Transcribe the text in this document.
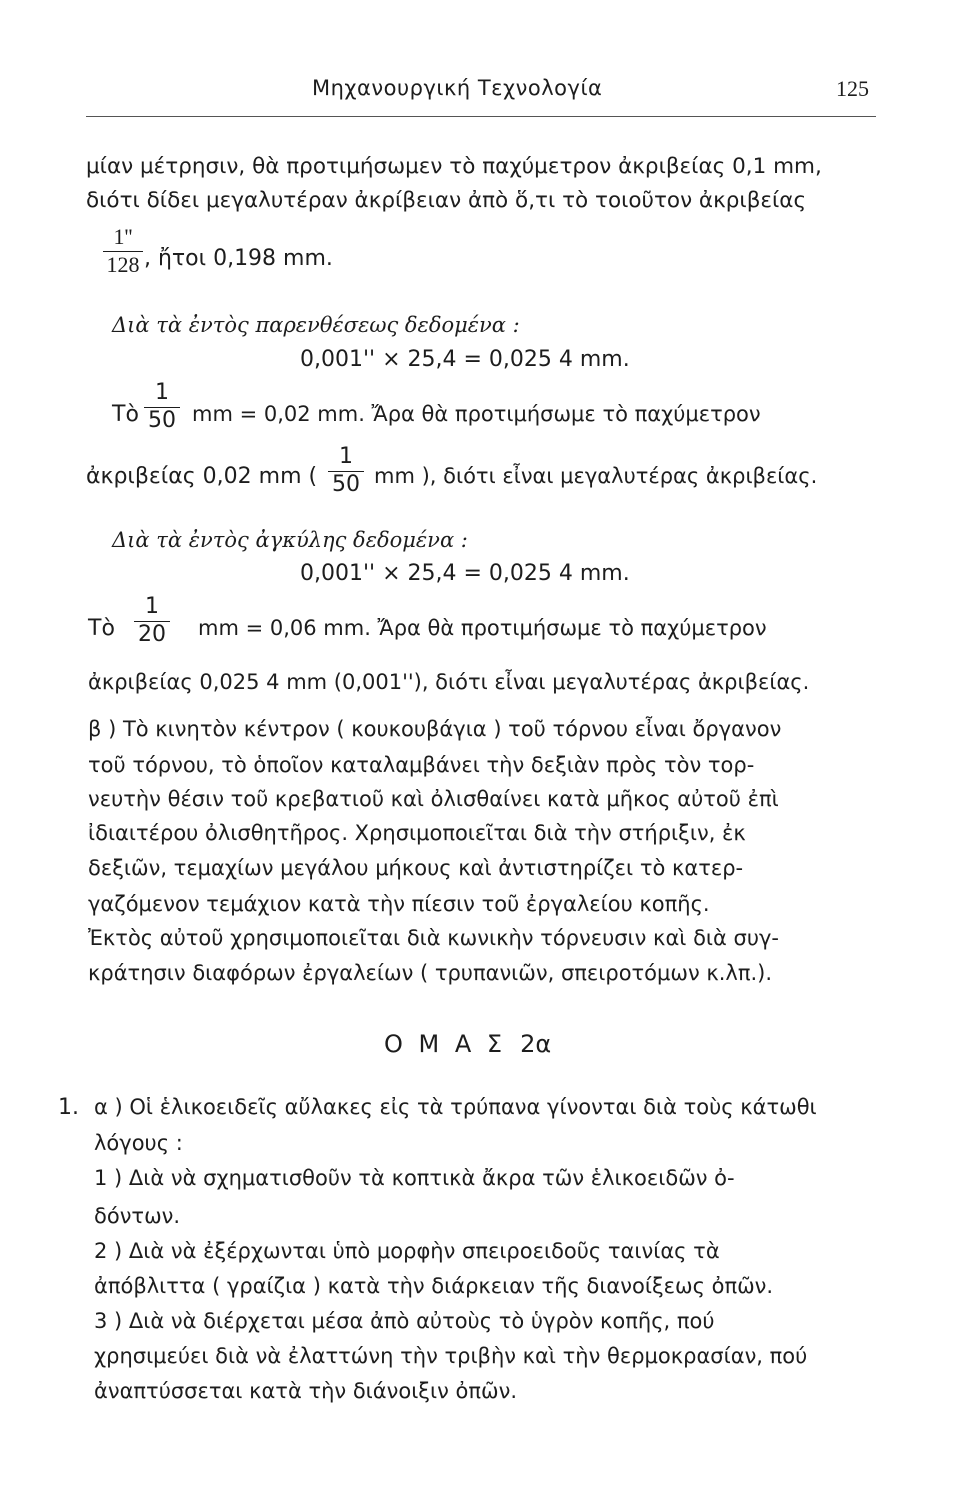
Μηχανουργική Τεχνολογία	125
μίαν μέτρησιν, θὰ προτιμήσωμεν τὸ παχύμετρον ἀκριβείας 0,1 mm,
διότι δίδει μεγαλυτέραν ἀκρίβειαν ἀπὸ ὅ,τι τὸ τοιοῦτον ἀκριβείας
1''
128 , ἤτοι 0,198 mm.
Διὰ τὰ ἐντὸς παρενθέσεως δεδομένα :
0,001'' × 25,4 = 0,025 4 mm.
Τὸ
1
50 mm = 0,02 mm. Ἄρα θὰ προτιμήσωμε τὸ παχύμετρον
ἀκριβείας 0,02 mm (
1
50 mm ), διότι εἶναι μεγαλυτέρας ἀκριβείας.
Διὰ τὰ ἐντὸς ἀγκύλης δεδομένα :
0,001'' × 25,4 = 0,025 4 mm.
Τὸ
1
20 mm = 0,06 mm. Ἄρα θὰ προτιμήσωμε τὸ παχύμετρον
ἀκριβείας 0,025 4 mm (0,001''), διότι εἶναι μεγαλυτέρας ἀκριβείας.
β ) Τὸ κινητὸν κέντρον ( κουκουβάγια ) τοῦ τόρνου εἶναι ὄργανον
τοῦ τόρνου, τὸ ὁποῖον καταλαμβάνει τὴν δεξιὰν πρὸς τὸν τορ-
νευτὴν θέσιν τοῦ κρεβατιοῦ καὶ ὀλισθαίνει κατὰ μῆκος αὐτοῦ ἐπὶ
ἰδιαιτέρου ὀλισθητῆρος. Χρησιμοποιεῖται διὰ τὴν στήριξιν, ἐκ
δεξιῶν, τεμαχίων μεγάλου μήκους καὶ ἀντιστηρίζει τὸ κατερ-
γαζόμενον τεμάχιον κατὰ τὴν πίεσιν τοῦ ἐργαλείου κοπῆς.
Ἐκτὸς αὐτοῦ χρησιμοποιεῖται διὰ κωνικὴν τόρνευσιν καὶ διὰ συγ-
κράτησιν διαφόρων ἐργαλείων ( τρυπανιῶν, σπειροτόμων κ.λπ.).
Ο Μ Α Σ 2α
1. α ) Οἱ ἑλικοειδεῖς αὔλακες εἰς τὰ τρύπανα γίνονται διὰ τοὺς κάτωθι
λόγους :
1 ) Διὰ νὰ σχηματισθοῦν τὰ κοπτικὰ ἄκρα τῶν ἑλικοειδῶν ὀ-
δόντων.
2 ) Διὰ νὰ ἐξέρχωνται ὑπὸ μορφὴν σπειροειδοῦς ταινίας τὰ
ἀπόβλιττα ( γραίζια ) κατὰ τὴν διάρκειαν τῆς διανοίξεως ὀπῶν.
3 ) Διὰ νὰ διέρχεται μέσα ἀπὸ αὐτοὺς τὸ ὑγρὸν κοπῆς, πού
χρησιμεύει διὰ νὰ ἐλαττώνη τὴν τριβὴν καὶ τὴν θερμοκρασίαν, πού
ἀναπτύσσεται κατὰ τὴν διάνοιξιν ὀπῶν.
